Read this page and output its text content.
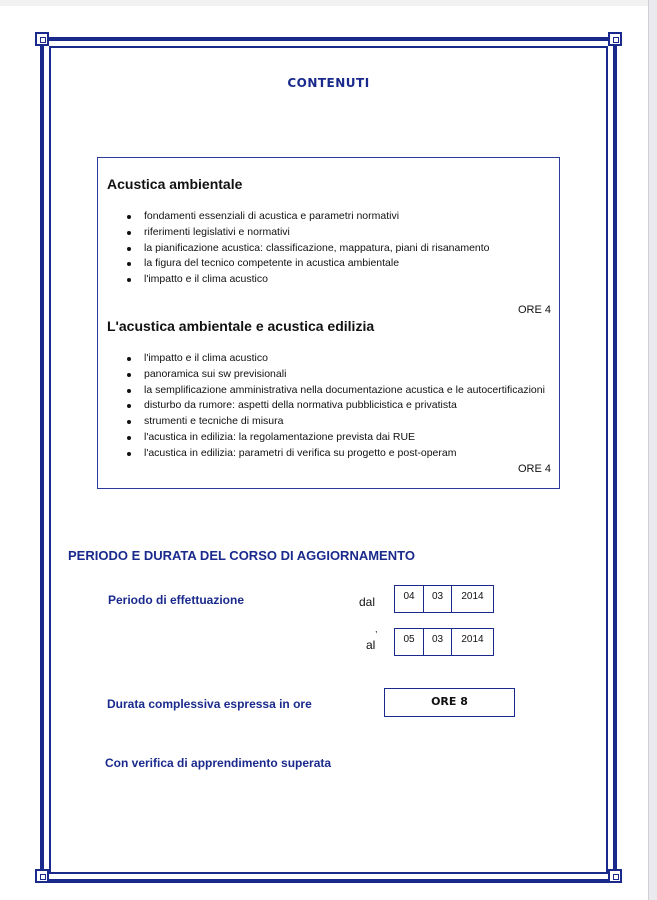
CONTENUTI
Acustica ambientale
fondamenti essenziali di acustica e parametri normativi
riferimenti legislativi e normativi
la pianificazione acustica: classificazione, mappatura, piani di risanamento
la figura del tecnico competente in acustica ambientale
l'impatto e il clima acustico
ORE 4
L'acustica ambientale e acustica edilizia
l'impatto e il clima acustico
panoramica sui sw previsionali
la semplificazione amministrativa nella documentazione acustica e le autocertificazioni
disturbo da rumore: aspetti della normativa pubblicistica e privatista
strumenti e tecniche di misura
l'acustica in edilizia: la regolamentazione prevista dai RUE
l'acustica in edilizia: parametri di verifica su progetto e post-operam
ORE 4
PERIODO E DURATA DEL CORSO DI AGGIORNAMENTO
Periodo di effettuazione	dal	04	03	2014
,
al	05	03	2014
Durata complessiva espressa in ore	ORE 8
Con verifica di apprendimento superata
